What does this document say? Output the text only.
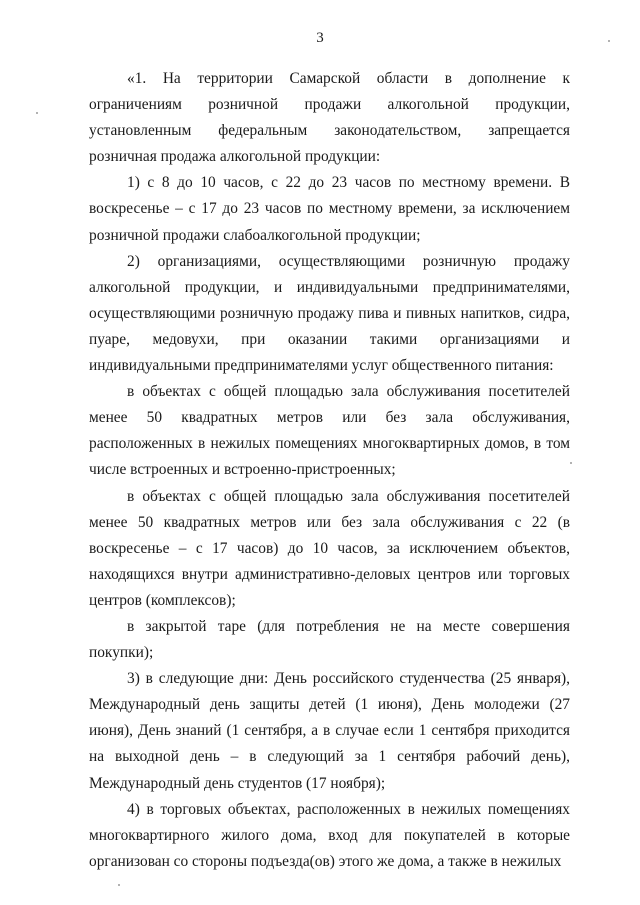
3

«1. На территории Самарской области в дополнение к ограничениям розничной продажи алкогольной продукции, установленным федеральным законодательством, запрещается розничная продажа алкогольной продукции:

1) с 8 до 10 часов, с 22 до 23 часов по местному времени. В воскресенье – с 17 до 23 часов по местному времени, за исключением розничной продажи слабоалкогольной продукции;

2) организациями, осуществляющими розничную продажу алкогольной продукции, и индивидуальными предпринимателями, осуществляющими розничную продажу пива и пивных напитков, сидра, пуаре, медовухи, при оказании такими организациями и индивидуальными предпринимателями услуг общественного питания:

в объектах с общей площадью зала обслуживания посетителей менее 50 квадратных метров или без зала обслуживания, расположенных в нежилых помещениях многоквартирных домов, в том числе встроенных и встроенно-пристроенных;

в объектах с общей площадью зала обслуживания посетителей менее 50 квадратных метров или без зала обслуживания с 22 (в воскресенье – с 17 часов) до 10 часов, за исключением объектов, находящихся внутри административно-деловых центров или торговых центров (комплексов);

в закрытой таре (для потребления не на месте совершения покупки);

3) в следующие дни: День российского студенчества (25 января), Международный день защиты детей (1 июня), День молодежи (27 июня), День знаний (1 сентября, а в случае если 1 сентября приходится на выходной день – в следующий за 1 сентября рабочий день), Международный день студентов (17 ноября);

4) в торговых объектах, расположенных в нежилых помещениях многоквартирного жилого дома, вход для покупателей в которые организован со стороны подъезда(ов) этого же дома, а также в нежилых
